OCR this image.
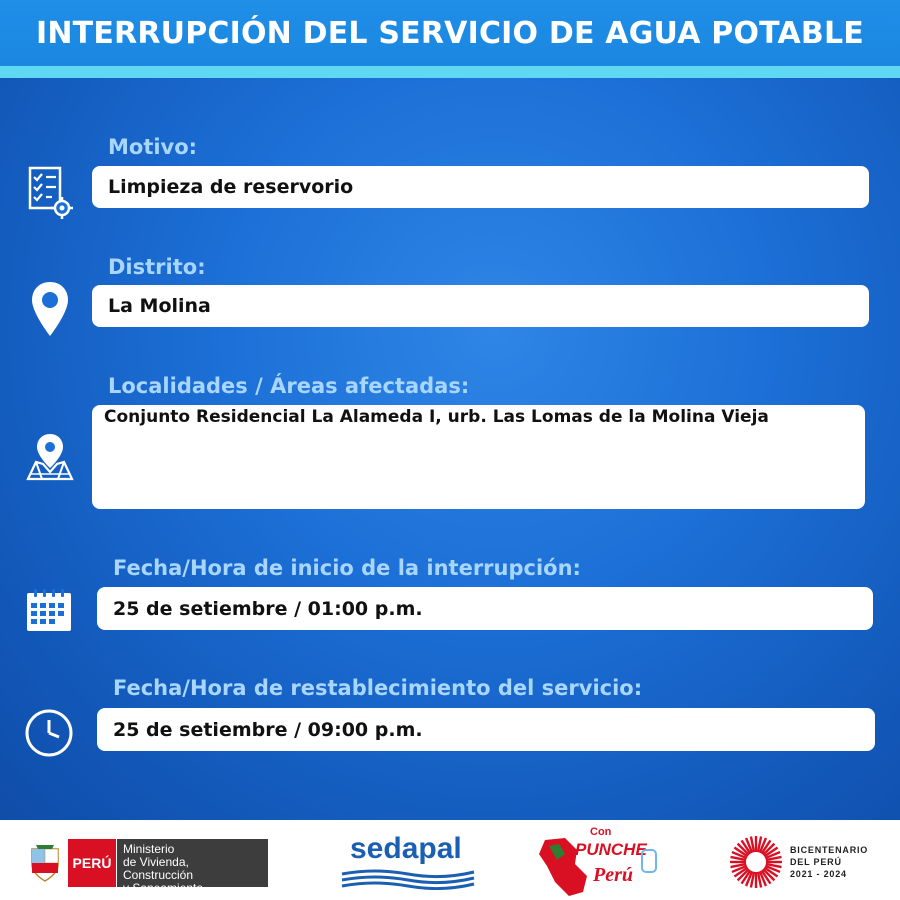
INTERRUPCIÓN DEL SERVICIO DE AGUA POTABLE
Motivo:
Limpieza de reservorio
Distrito:
La Molina
Localidades / Áreas afectadas:
Conjunto Residencial La Alameda I, urb. Las Lomas de la Molina Vieja
Fecha/Hora de inicio de la interrupción:
25 de setiembre / 01:00 p.m.
Fecha/Hora de restablecimiento del servicio:
25 de setiembre / 09:00 p.m.
PERÚ
Ministerio
de Vivienda, Construcción
y Saneamiento
sedapal	Con
PUNCHE
Perú
BICENTENARIO
DEL PERÚ
2021 - 2024
